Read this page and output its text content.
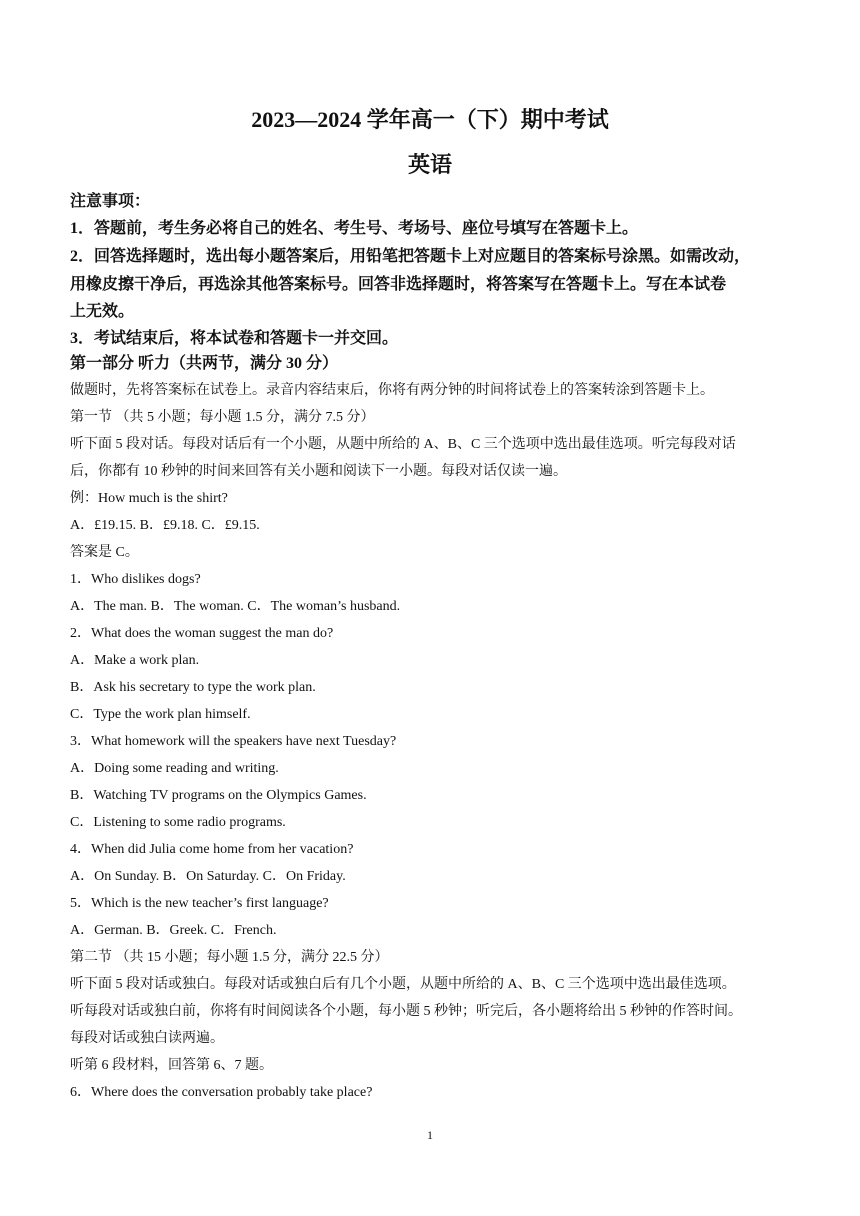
2023—2024 学年高一（下）期中考试
英语
注意事项：
1．答题前，考生务必将自己的姓名、考生号、考场号、座位号填写在答题卡上。
2．回答选择题时，选出每小题答案后，用铅笔把答题卡上对应题目的答案标号涂黑。如需改动，
用橡皮擦干净后，再选涂其他答案标号。回答非选择题时，将答案写在答题卡上。写在本试卷
上无效。
3．考试结束后，将本试卷和答题卡一并交回。
第一部分 听力（共两节，满分 30 分）
做题时，先将答案标在试卷上。录音内容结束后，你将有两分钟的时间将试卷上的答案转涂到答题卡上。
第一节 （共 5 小题；每小题 1.5 分，满分 7.5 分）
听下面 5 段对话。每段对话后有一个小题，从题中所给的 A、B、C 三个选项中选出最佳选项。听完每段对话
后，你都有 10 秒钟的时间来回答有关小题和阅读下一小题。每段对话仅读一遍。
例：How much is the shirt?
A．£19.15. B．£9.18. C．£9.15.
答案是 C。
1．Who dislikes dogs?
A．The man. B．The woman. C．The woman’s husband.
2．What does the woman suggest the man do?
A．Make a work plan.
B．Ask his secretary to type the work plan.
C．Type the work plan himself.
3．What homework will the speakers have next Tuesday?
A．Doing some reading and writing.
B．Watching TV programs on the Olympics Games.
C．Listening to some radio programs.
4．When did Julia come home from her vacation?
A．On Sunday. B．On Saturday. C．On Friday.
5．Which is the new teacher’s first language?
A．German. B．Greek. C．French.
第二节 （共 15 小题；每小题 1.5 分，满分 22.5 分）
听下面 5 段对话或独白。每段对话或独白后有几个小题，从题中所给的 A、B、C 三个选项中选出最佳选项。
听每段对话或独白前，你将有时间阅读各个小题，每小题 5 秒钟；听完后，各小题将给出 5 秒钟的作答时间。
每段对话或独白读两遍。
听第 6 段材料，回答第 6、7 题。
6．Where does the conversation probably take place?
1
